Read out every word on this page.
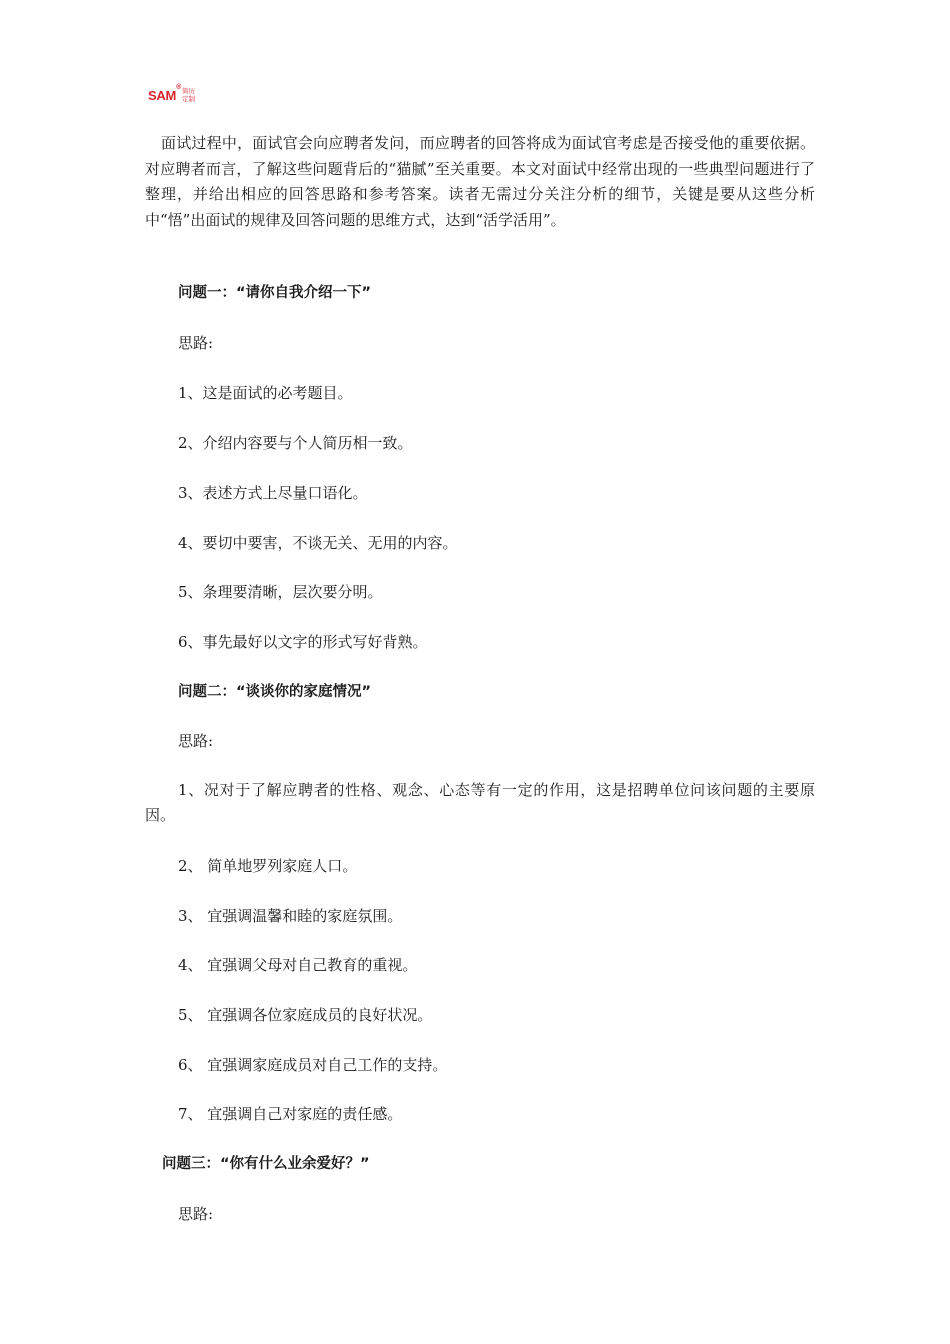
SAM
® 简历
定制

面试过程中，面试官会向应聘者发问，而应聘者的回答将成为面试官考虑是否接受他的重要依据。对应聘者而言，了解这些问题背后的“猫腻”至关重要。本文对面试中经常出现的一些典型问题进行了整理，并给出相应的回答思路和参考答案。读者无需过分关注分析的细节，关键是要从这些分析中“悟”出面试的规律及回答问题的思维方式，达到“活学活用”。

问题一：“请你自我介绍一下”

思路:

1、这是面试的必考题目。

2、介绍内容要与个人简历相一致。

3、表述方式上尽量口语化。

4、要切中要害，不谈无关、无用的内容。

5、条理要清晰，层次要分明。

6、事先最好以文字的形式写好背熟。

问题二：“谈谈你的家庭情况”

思路:

1、况对于了解应聘者的性格、观念、心态等有一定的作用，这是招聘单位问该问题的主要原因。

2、 简单地罗列家庭人口。

3、 宜强调温馨和睦的家庭氛围。

4、 宜强调父母对自己教育的重视。

5、 宜强调各位家庭成员的良好状况。

6、 宜强调家庭成员对自己工作的支持。

7、 宜强调自己对家庭的责任感。

问题三：“你有什么业余爱好？”

思路:
